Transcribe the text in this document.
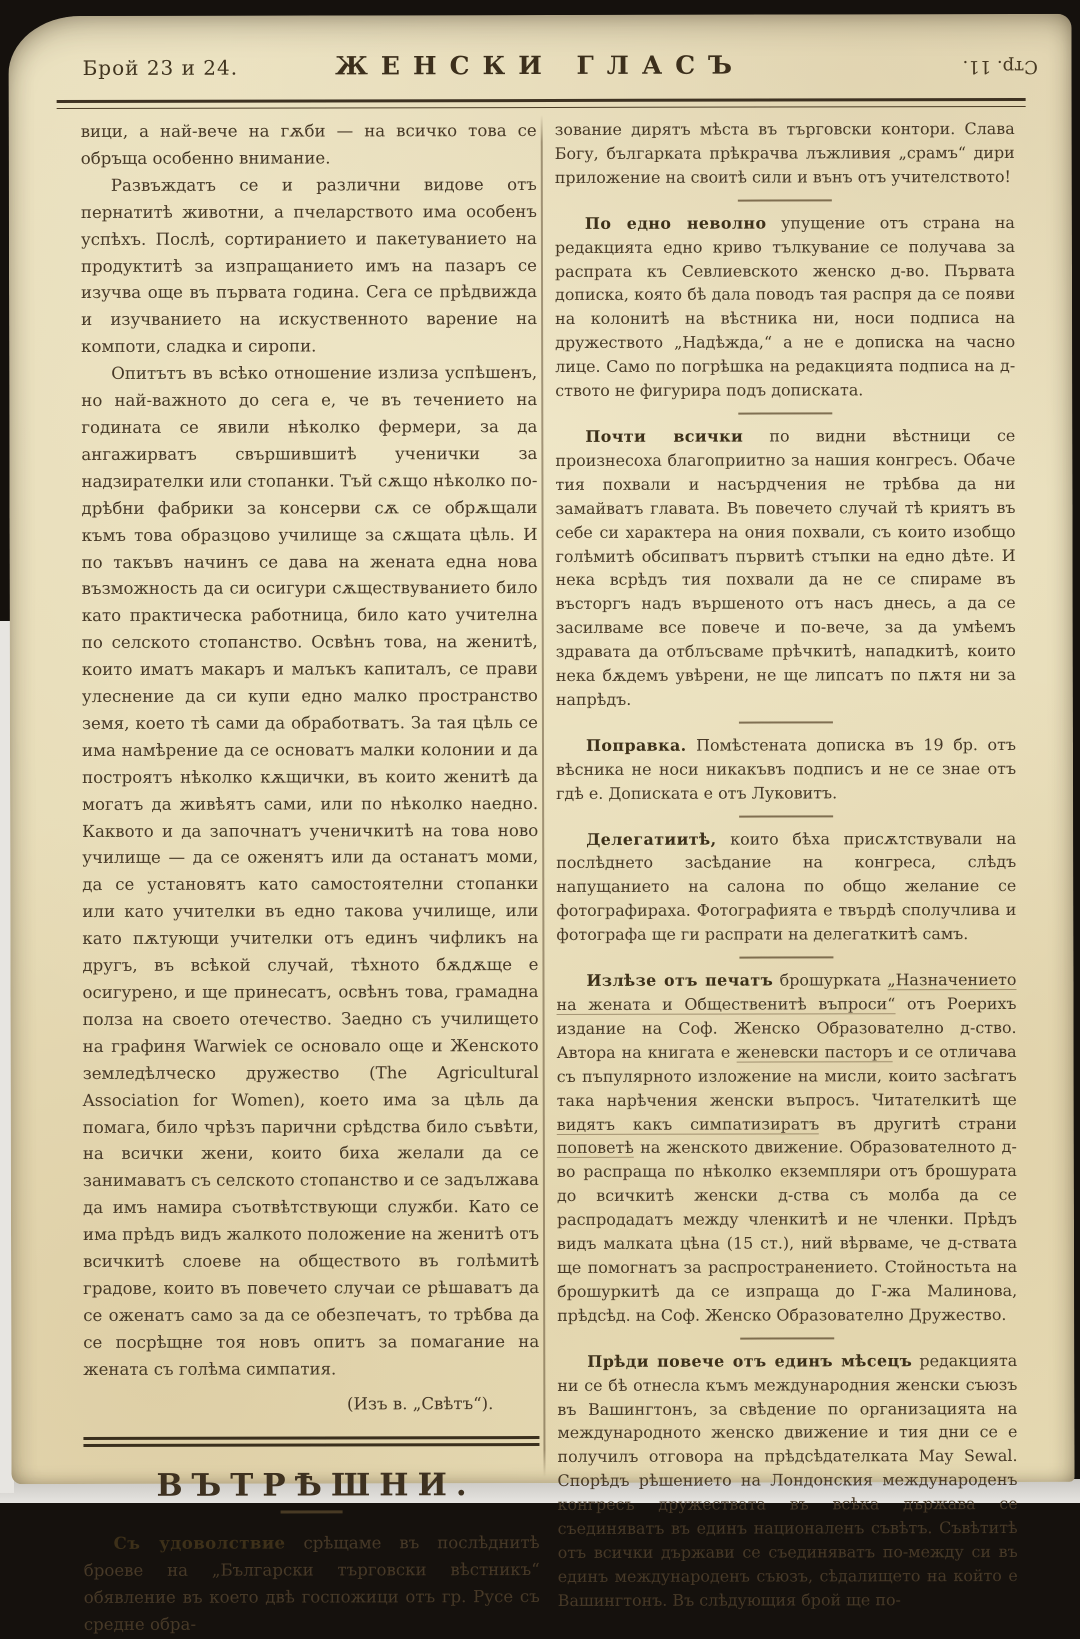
Брой 23 и 24.	ЖЕНСКИ ГЛАСЪ	Стр. 11.

вици, а най-вече на гѫби — на всичко това се обръща особенно внимание.

Развъждатъ се и различни видове отъ пернатитѣ животни, а пчеларството има особенъ успѣхъ. Послѣ, сортиранието и пакетуванието на продуктитѣ за изпращанието имъ на пазаръ се изучва още въ първата година. Сега се прѣдвижда и изучванието на искуственното варение на компоти, сладка и сиропи.

Опитътъ въ всѣко отношение излиза успѣшенъ, но най-важното до сега е, че въ течението на годината се явили нѣколко фермери, за да ангажирватъ свършившитѣ ученички за надзирателки или стопанки. Тъй сѫщо нѣколко по-дрѣбни фабрики за консерви сѫ се обрѫщали къмъ това образцово училище за сѫщата цѣль. И по такъвъ начинъ се дава на жената една нова възможность да си осигури сѫществуванието било като практическа работница, било като учителна по селското стопанство. Освѣнъ това, на женитѣ, които иматъ макаръ и малъкъ капиталъ, се прави улеснение да си купи едно малко пространство земя, което тѣ сами да обработватъ. За тая цѣль се има намѣрение да се основатъ малки колонии и да построятъ нѣколко кѫщички, въ които женитѣ да могатъ да живѣятъ сами, или по нѣколко наедно. Каквото и да започнатъ ученичкитѣ на това ново училище — да се оженятъ или да останатъ моми, да се установятъ като самостоятелни стопанки или като учителки въ едно такова училище, или като пѫтующи учителки отъ единъ чифликъ на другъ, въ всѣкой случай, тѣхното бѫдѫще е осигурено, и ще принесатъ, освѣнъ това, грамадна полза на своето отечество. Заедно съ училището на графиня Warwiek се основало още и Женското земледѣлческо дружество (The Agricultural Association for Women), което има за цѣль да помага, било чрѣзъ парични срѣдства било съвѣти, на всички жени, които биха желали да се занимаватъ съ селското стопанство и се задължава да имъ намира съотвѣтствующи служби. Като се има прѣдъ видъ жалкото положение на женитѣ отъ всичкитѣ слоеве на обществото въ голѣмитѣ градове, които въ повечето случаи се рѣшаватъ да се оженатъ само за да се обезпечатъ, то трѣбва да се посрѣщне тоя новъ опитъ за помагание на жената съ голѣма симпатия.

(Изъ в. „Свѣтъ“).
ВЪТРѢШНИ.

Съ удоволствие срѣщаме въ послѣднитѣ броеве на „Български търговски вѣстникъ“ обявление въ което двѣ госпожици отъ гр. Русе съ средне обра-

зование дирятъ мѣста въ търговски контори. Слава Богу, българката прѣкрачва лъжливия „срамъ“ дири приложение на своитѣ сили и вънъ отъ учителството!

По едно неволно упущение отъ страна на редакцията едно криво тълкувание се получава за распрата къ Севлиевското женско д-во. Първата дописка, която бѣ дала поводъ тая распря да се появи на колонитѣ на вѣстника ни, носи подписа на дружеството „Надѣжда,“ а не е дописка на часно лице. Само по погрѣшка на редакцията подписа на д-ството не фигурира подъ дописката.

Почти всички по видни вѣстници се произнесоха благоприитно за нашия конгресъ. Обаче тия похвали и насърдчения не трѣбва да ни замайватъ главата. Въ повечето случай тѣ криятъ въ себе си характера на ония похвали, съ които изобщо голѣмитѣ обсипватъ първитѣ стъпки на едно дѣте. И нека всрѣдъ тия похвали да не се спираме въ въсторгъ надъ вършеното отъ насъ днесь, а да се засилваме все повече и по-вече, за да умѣемъ здравата да отблъсваме прѣчкитѣ, нападкитѣ, които нека бѫдемъ увѣрени, не ще липсатъ по пѫтя ни за напрѣдъ.

Поправка. Помѣстената дописка въ 19 бр. отъ вѣсника не носи никакъвъ подписъ и не се знае отъ гдѣ е. Дописката е отъ Луковитъ.

Делегатиитѣ, които бѣха присѫтствували на послѣднето засѣдание на конгреса, слѣдъ напущанието на салона по общо желание се фотографираха. Фотографията е твърдѣ сполучлива и фотографа ще ги распрати на делегаткитѣ самъ.

Излѣзе отъ печатъ брошурката „Назначението на жената и Общественитѣ въпроси“ отъ Роерихъ издание на Соф. Женско Образователно д-ство. Автора на книгата е женевски пасторъ и се отличава съ пъпулярното изложение на мисли, които засѣгатъ така нарѣчения женски въпросъ. Читателкитѣ ще видятъ какъ симпатизиратъ въ другитѣ страни поповетѣ на женското движение. Образователното д-во распраща по нѣколко екземпляри отъ брошурата до всичкитѣ женски д-ства съ молба да се распродадатъ между членкитѣ и не членки. Прѣдъ видъ малката цѣна (15 ст.), ний вѣрваме, че д-ствата ще помогнатъ за распространението. Стойностьта на брошуркитѣ да се изпраща до Г-жа Малинова, прѣдсѣд. на Соф. Женско Образователно Дружество.

Прѣди повече отъ единъ мѣсецъ редакцията ни се бѣ отнесла къмъ международния женски съюзъ въ Вашингтонъ, за свѣдение по организацията на международното женско движение и тия дни се е получилъ отговора на прѣдсѣдателката May Sewal. Спорѣдъ рѣшението на Лондонския международенъ конгресъ дружествата въ всѣка държава се съединяватъ въ единъ националенъ съвѣтъ. Съвѣтитѣ отъ всички държави се съединяватъ по-между си въ единъ международенъ съюзъ, сѣдалището на който е Вашингтонъ. Въ слѣдующия брой ще по-
